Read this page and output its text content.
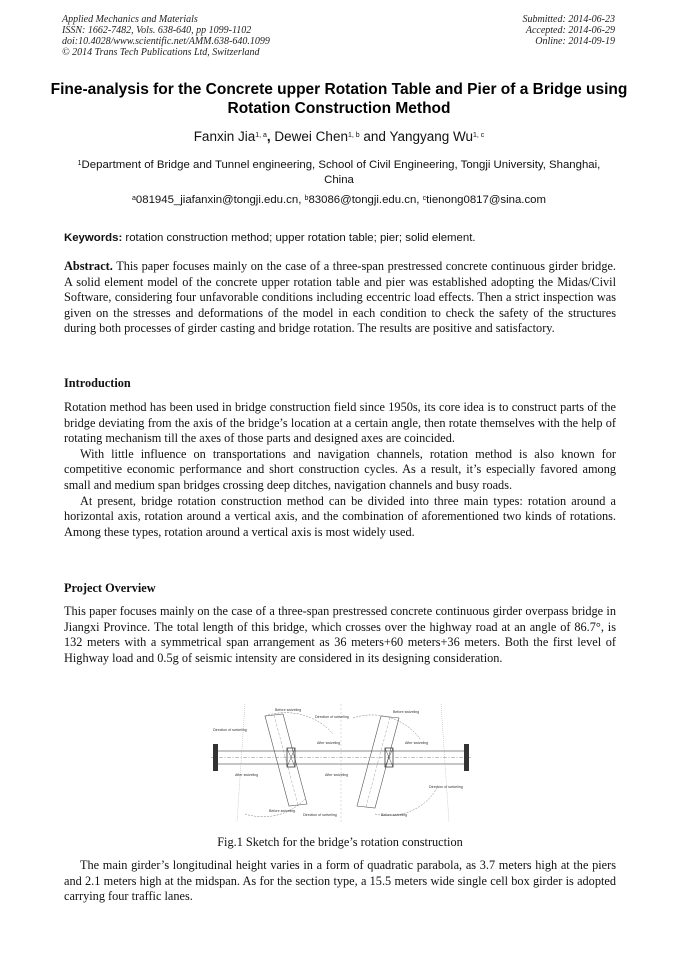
Applied Mechanics and Materials
ISSN: 1662-7482, Vols. 638-640, pp 1099-1102
doi:10.4028/www.scientific.net/AMM.638-640.1099
© 2014 Trans Tech Publications Ltd, Switzerland
Submitted: 2014-06-23
Accepted: 2014-06-29
Online: 2014-09-19
Fine-analysis for the Concrete upper Rotation Table and Pier of a Bridge using Rotation Construction Method
Fanxin Jia$^{1, a}$, Dewei Chen$^{1, b}$ and Yangyang Wu$^{1, c}$
$^1$Department of Bridge and Tunnel engineering, School of Civil Engineering, Tongji University, Shanghai, China
$^a$081945_jiafanxin@tongji.edu.cn, $^b$83086@tongji.edu.cn, $^c$tienong0817@sina.com
Keywords: rotation construction method; upper rotation table; pier; solid element.

Abstract. This paper focuses mainly on the case of a three-span prestressed concrete continuous girder bridge. A solid element model of the concrete upper rotation table and pier was established adopting the Midas/Civil Software, considering four unfavorable conditions including eccentric load effects. Then a strict inspection was given on the stresses and deformations of the model in each condition to check the safety of the structures during both processes of girder casting and bridge rotation. The results are positive and satisfactory.

Introduction

Rotation method has been used in bridge construction field since 1950s, its core idea is to construct parts of the bridge deviating from the axis of the bridge’s location at a certain angle, then rotate themselves with the help of rotating mechanism till the axes of those parts and designed axes are coincided.

With little influence on transportations and navigation channels, rotation method is also known for competitive economic performance and short construction cycles. As a result, it’s especially favored among small and medium span bridges crossing deep ditches, navigation channels and busy roads.

At present, bridge rotation construction method can be divided into three main types: rotation around a horizontal axis, rotation around a vertical axis, and the combination of aforementioned two kinds of rotations. Among these types, rotation around a vertical axis is most widely used.

Project Overview

This paper focuses mainly on the case of a three-span prestressed concrete continuous girder overpass bridge in Jiangxi Province. The total length of this bridge, which crosses over the highway road at an angle of 86.7°, is 132 meters with a symmetrical span arrangement as 36 meters+60 meters+36 meters. Both the first level of Highway load and 0.5g of seismic intensity are considered in its designing consideration.

Direction of swiveling
Direction of swiveling
Direction of swiveling
Direction of swiveling
Before swiveling	Before swiveling
Before swiveling
Before swiveling
After swiveling	After swiveling
After swiveling	After swiveling
Fig.1 Sketch for the bridge’s rotation construction

The main girder’s longitudinal height varies in a form of quadratic parabola, as 3.7 meters high at the piers and 2.1 meters high at the midspan. As for the section type, a 15.5 meters wide single cell box girder is adopted carrying four traffic lanes.
